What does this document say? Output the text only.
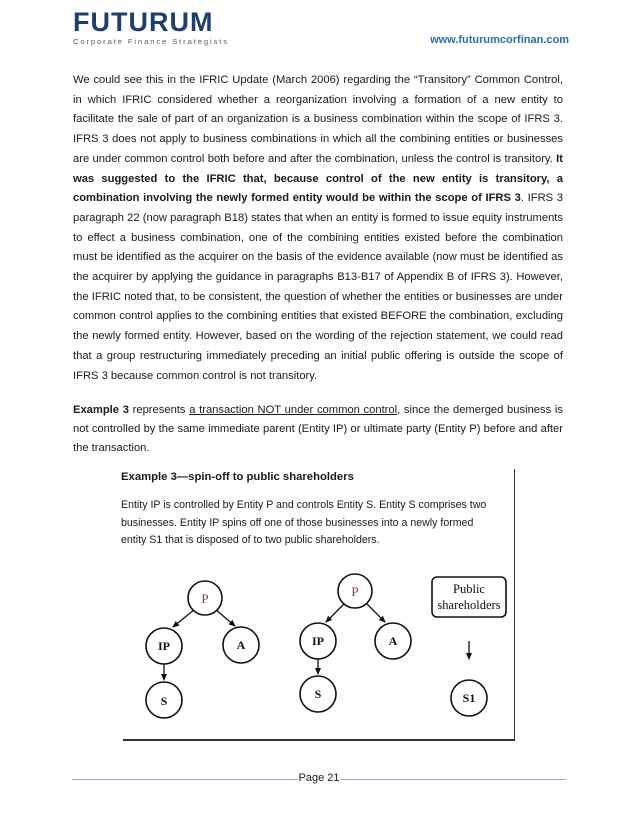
FUTURUM
Corporate Finance Strategists	www.futurumcorfinan.com

We could see this in the IFRIC Update (March 2006) regarding the “Transitory” Common Control, in which IFRIC considered whether a reorganization involving a formation of a new entity to facilitate the sale of part of an organization is a business combination within the scope of IFRS 3. IFRS 3 does not apply to business combinations in which all the combining entities or businesses are under common control both before and after the combination, unless the control is transitory. It was suggested to the IFRIC that, because control of the new entity is transitory, a combination involving the newly formed entity would be within the scope of IFRS 3. IFRS 3 paragraph 22 (now paragraph B18) states that when an entity is formed to issue equity instruments to effect a business combination, one of the combining entities existed before the combination must be identified as the acquirer on the basis of the evidence available (now must be identified as the acquirer by applying the guidance in paragraphs B13-B17 of Appendix B of IFRS 3). However, the IFRIC noted that, to be consistent, the question of whether the entities or businesses are under common control applies to the combining entities that existed BEFORE the combination, excluding the newly formed entity. However, based on the wording of the rejection statement, we could read that a group restructuring immediately preceding an initial public offering is outside the scope of IFRS 3 because common control is not transitory.

Example 3 represents a transaction NOT under common control, since the demerged business is not controlled by the same immediate parent (Entity IP) or ultimate party (Entity P) before and after the transaction.

Example 3—spin-off to public shareholders
Entity IP is controlled by Entity P and controls Entity S. Entity S comprises two businesses. Entity IP spins off one of those businesses into a newly formed entity S1 that is disposed of to two public shareholders.
P
IP	A
S
P
IP	A
S
Public
shareholders
S1
Page 21
